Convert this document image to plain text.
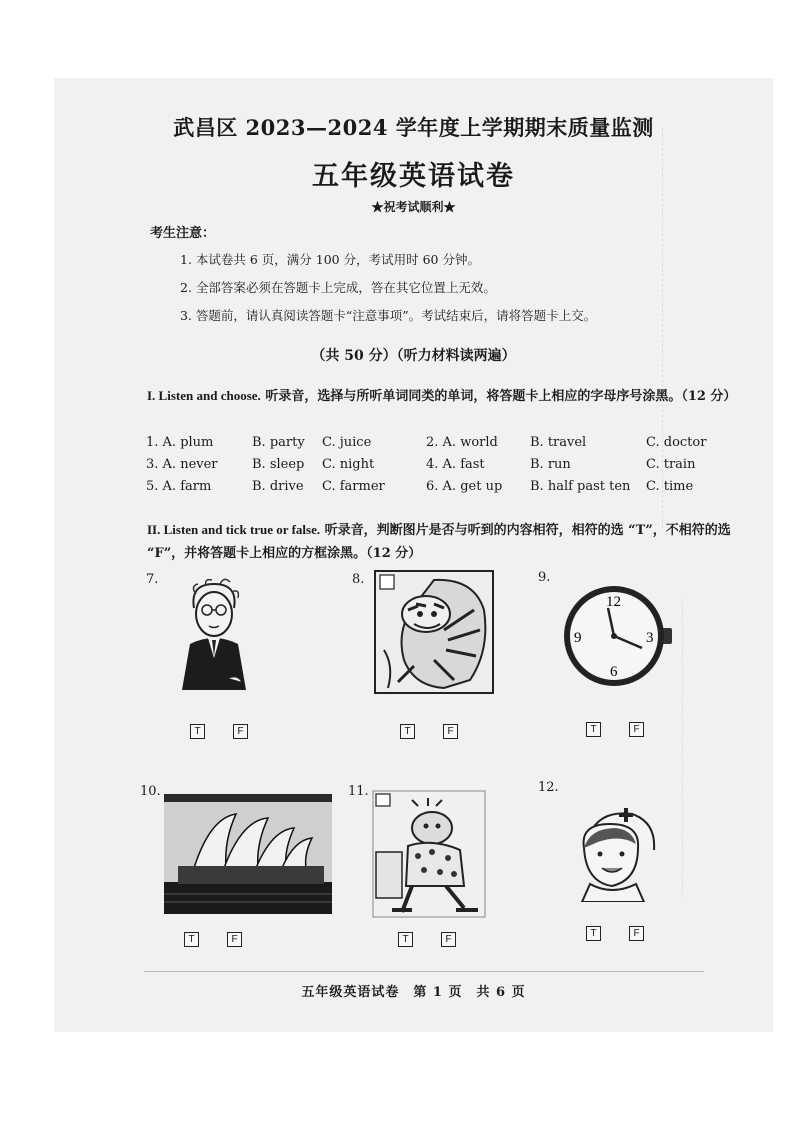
武昌区 2023—2024 学年度上学期期末质量监测
五年级英语试卷
★祝考试顺利★
考生注意：
1. 本试卷共 6 页，满分 100 分，考试用时 60 分钟。
2. 全部答案必须在答题卡上完成，答在其它位置上无效。
3. 答题前，请认真阅读答题卡“注意事项”。考试结束后，请将答题卡上交。
（共 50 分）（听力材料读两遍）
I. Listen and choose. 听录音，选择与所听单词同类的单词，将答题卡上相应的字母序号涂黑。（12 分）
1. A. plum	B. party C. juice	2. A. world B. travel	C. doctor
3. A. never	B. sleep C. night	4. A. fast	B. run	C. train
5. A. farm	B. drive C. farmer	6. A. get up B. half past ten C. time
II. Listen and tick true or false. 听录音，判断图片是否与听到的内容相符，相符的选 “T”，不相符的选 “F”，并将答题卡上相应的方框涂黑。（12 分）
7.
T	F
8.
T	F
9.
12
3
6
9
T	F
10.
T	F
11.
T	F
12.
T	F
五年级英语试卷　第 1 页　共 6 页
